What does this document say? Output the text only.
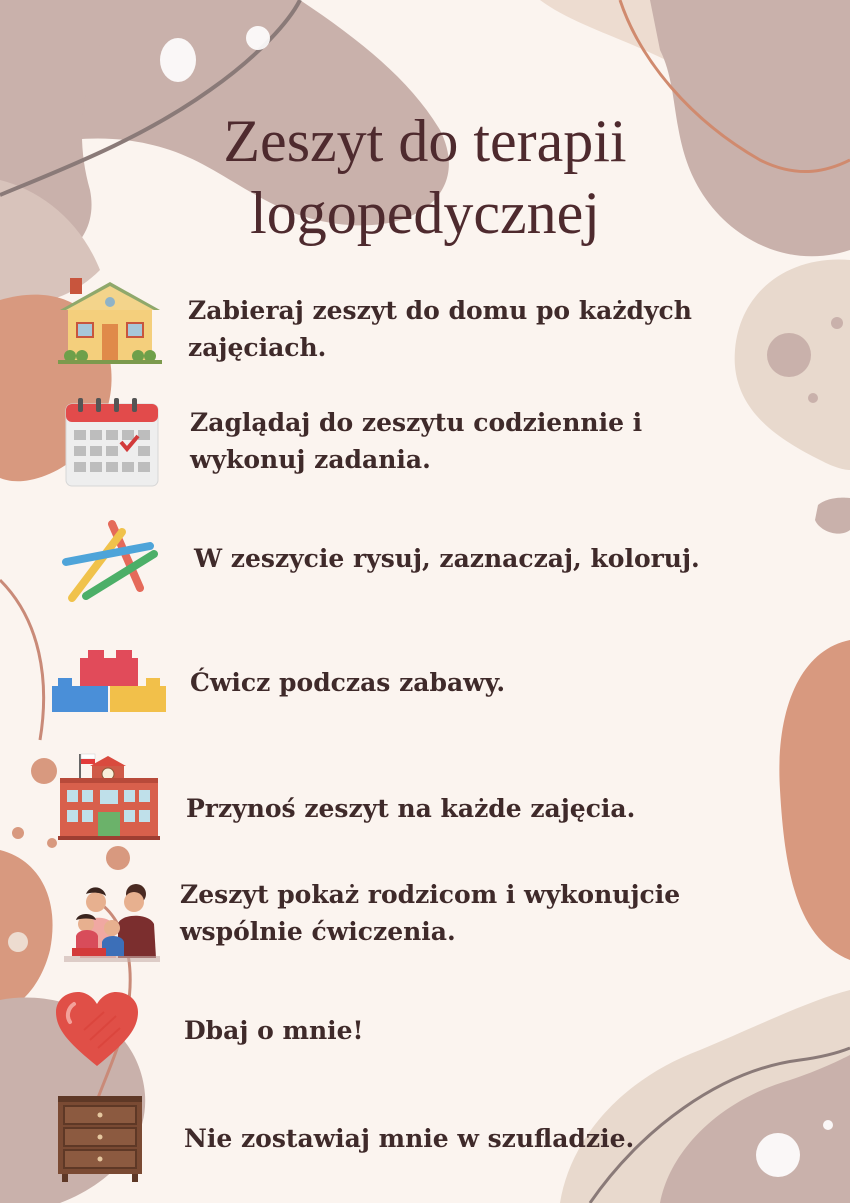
Zeszyt do terapii
logopedycznej
Zabieraj zeszyt do domu po każdych
zajęciach.
Zaglądaj do zeszytu codziennie i
wykonuj zadania.
W zeszycie rysuj, zaznaczaj, koloruj.
Ćwicz podczas zabawy.
Przynoś zeszyt na każde zajęcia.
Zeszyt pokaż rodzicom i wykonujcie
wspólnie ćwiczenia.
Dbaj o mnie!
Nie zostawiaj mnie w szufladzie.
